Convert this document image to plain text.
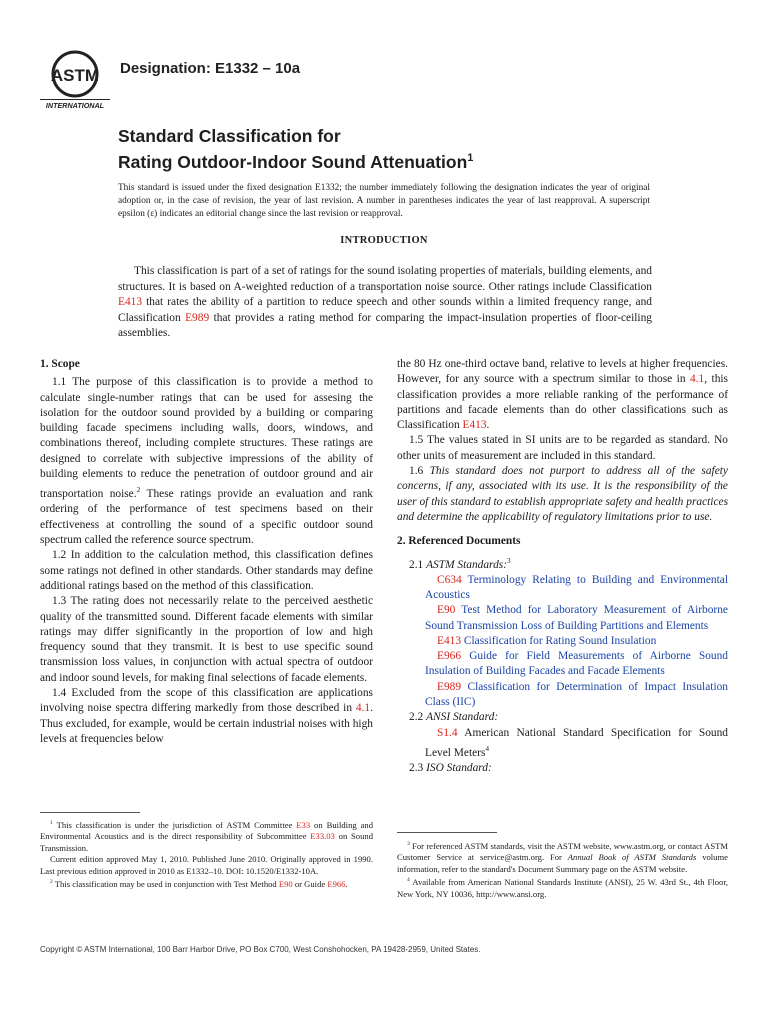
ASTM
INTERNATIONAL
Designation: E1332 – 10a
Standard Classification for
Rating Outdoor-Indoor Sound Attenuation$^1$
This standard is issued under the fixed designation E1332; the number immediately following the designation indicates the year of original adoption or, in the case of revision, the year of last revision. A number in parentheses indicates the year of last reapproval. A superscript epsilon (ε) indicates an editorial change since the last revision or reapproval.
INTRODUCTION
This classification is part of a set of ratings for the sound isolating properties of materials, building elements, and structures. It is based on A-weighted reduction of a transportation noise source. Other ratings include Classification E413 that rates the ability of a partition to reduce speech and other sounds within a limited frequency range, and Classification E989 that provides a rating method for comparing the impact-insulation properties of floor-ceiling assemblies.

1. Scope

1.1 The purpose of this classification is to provide a method to calculate single-number ratings that can be used for assesing the isolation for the outdoor sound provided by a building or comparing building facade specimens including walls, doors, windows, and combinations thereof, including complete structures. These ratings are designed to correlate with subjective impressions of the ability of building elements to reduce the penetration of outdoor ground and air transportation noise.$^2$ These ratings provide an evaluation and rank ordering of the performance of test specimens based on their effectiveness at controlling the sound of a specific outdoor sound spectrum called the reference source spectrum.

1.2 In addition to the calculation method, this classification defines some ratings not defined in other standards. Other standards may define additional ratings based on the method of this classification.

1.3 The rating does not necessarily relate to the perceived aesthetic quality of the transmitted sound. Different facade elements with similar ratings may differ significantly in the proportion of low and high frequency sound that they transmit. It is best to use specific sound transmission loss values, in conjunction with actual spectra of outdoor and indoor sound levels, for making final selections of facade elements.

1.4 Excluded from the scope of this classification are applications involving noise spectra differing markedly from those described in 4.1. Thus excluded, for example, would be certain industrial noises with high levels at frequencies below

the 80 Hz one-third octave band, relative to levels at higher frequencies. However, for any source with a spectrum similar to those in 4.1, this classification provides a more reliable ranking of the performance of partitions and facade elements than do other classifications such as Classification E413.

1.5 The values stated in SI units are to be regarded as standard. No other units of measurement are included in this standard.

1.6 This standard does not purport to address all of the safety concerns, if any, associated with its use. It is the responsibility of the user of this standard to establish appropriate safety and health practices and determine the applicability of regulatory limitations prior to use.

2. Referenced Documents

2.1 ASTM Standards:$^3$

C634 Terminology Relating to Building and Environmental Acoustics

E90 Test Method for Laboratory Measurement of Airborne Sound Transmission Loss of Building Partitions and Elements

E413 Classification for Rating Sound Insulation

E966 Guide for Field Measurements of Airborne Sound Insulation of Building Facades and Facade Elements

E989 Classification for Determination of Impact Insulation Class (IIC)

2.2 ANSI Standard:

S1.4 American National Standard Specification for Sound Level Meters$^4$

2.3 ISO Standard:

$^1$ This classification is under the jurisdiction of ASTM Committee E33 on Building and Environmental Acoustics and is the direct responsibility of Subcommittee E33.03 on Sound Transmission.

Current edition approved May 1, 2010. Published June 2010. Originally approved in 1990. Last previous edition approved in 2010 as E1332–10. DOI: 10.1520/E1332-10A.

$^2$ This classification may be used in conjunction with Test Method E90 or Guide E966.

$^3$ For referenced ASTM standards, visit the ASTM website, www.astm.org, or contact ASTM Customer Service at service@astm.org. For Annual Book of ASTM Standards volume information, refer to the standard's Document Summary page on the ASTM website.

$^4$ Available from American National Standards Institute (ANSI), 25 W. 43rd St., 4th Floor, New York, NY 10036, http://www.ansi.org.

Copyright © ASTM International, 100 Barr Harbor Drive, PO Box C700, West Conshohocken, PA 19428-2959, United States.
